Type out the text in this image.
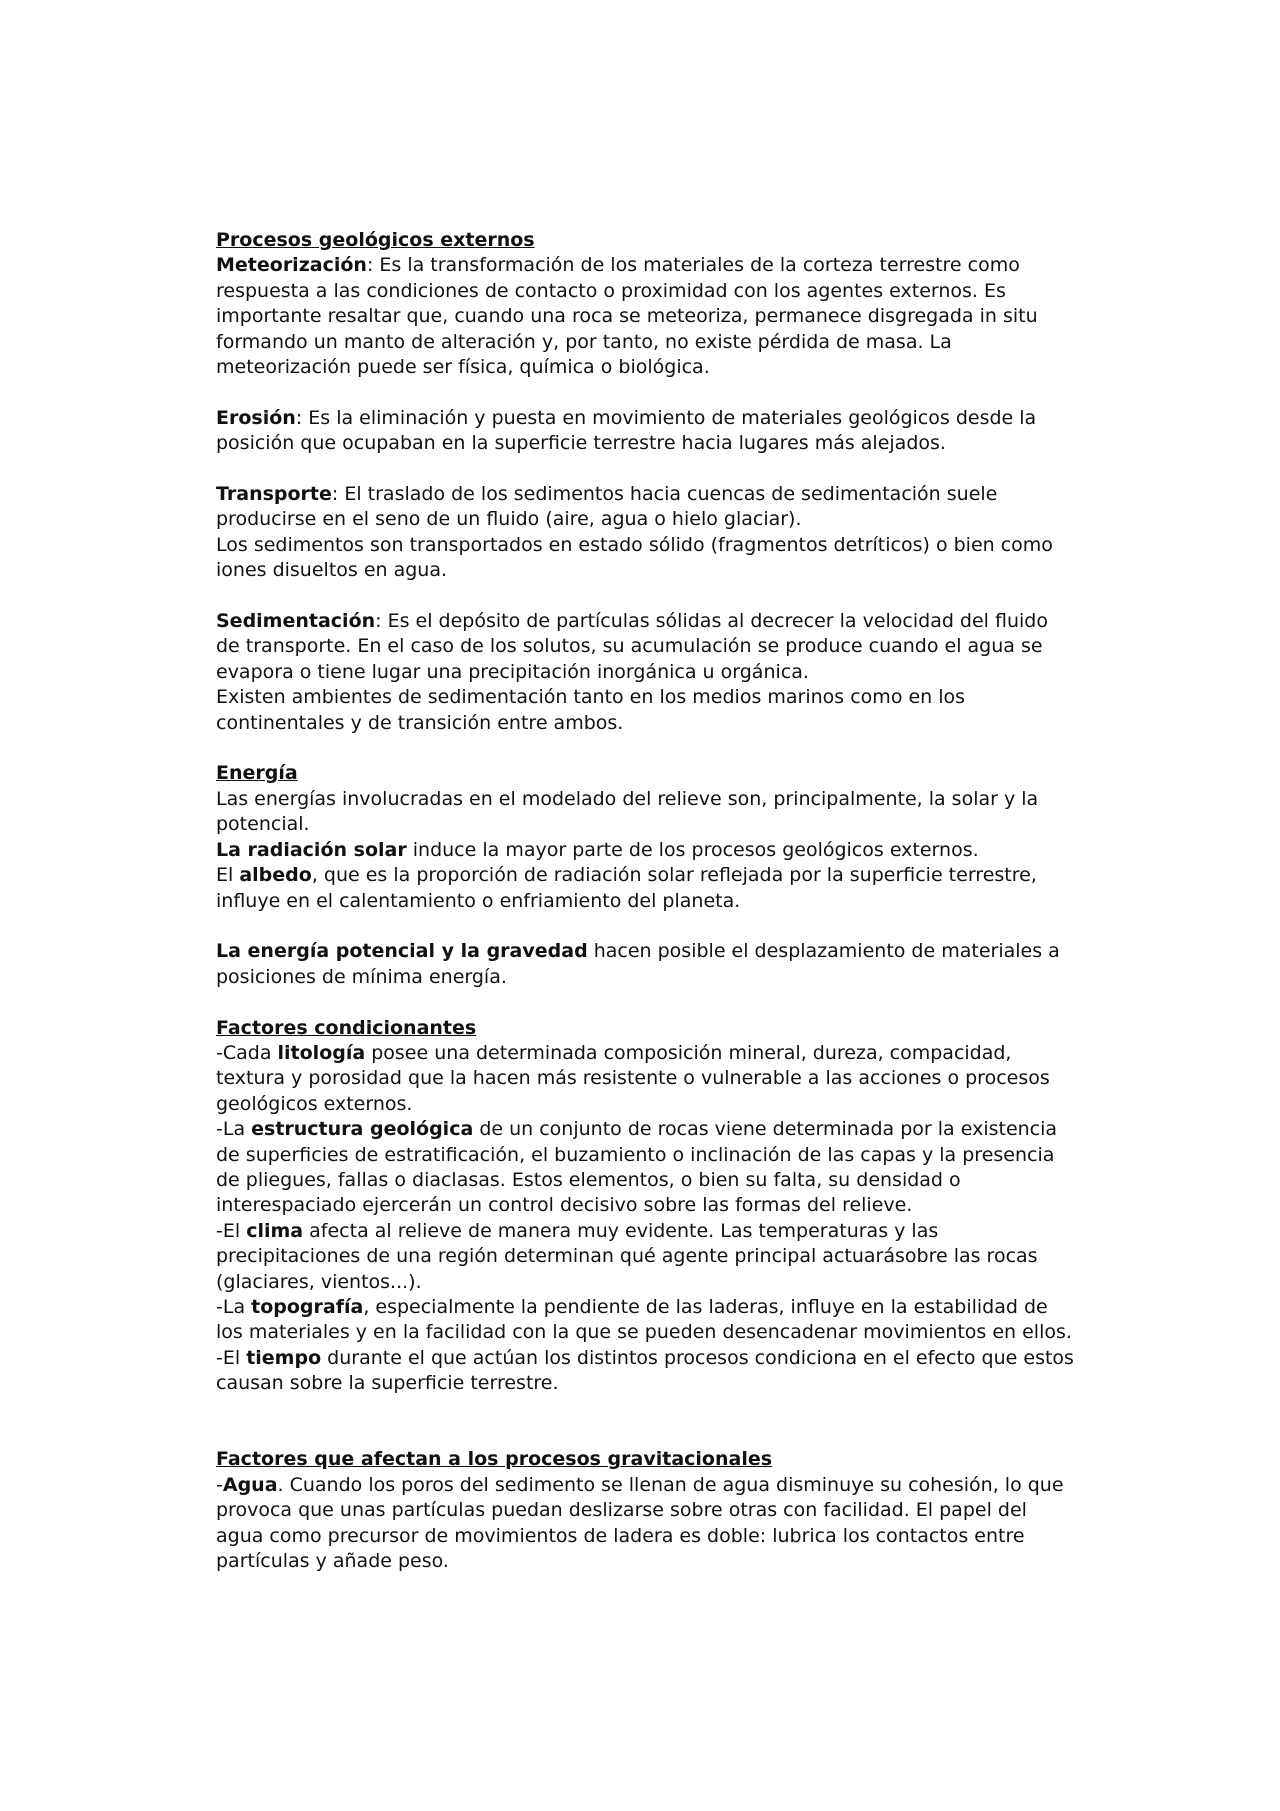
Procesos geológicos externos

Meteorización: Es la transformación de los materiales de la corteza terrestre como respuesta a las condiciones de contacto o proximidad con los agentes externos. Es importante resaltar que, cuando una roca se meteoriza, permanece disgregada in situ formando un manto de alteración y, por tanto, no existe pérdida de masa. La meteorización puede ser física, química o biológica.

Erosión: Es la eliminación y puesta en movimiento de materiales geológicos desde la posición que ocupaban en la superficie terrestre hacia lugares más alejados.

Transporte: El traslado de los sedimentos hacia cuencas de sedimentación suele producirse en el seno de un fluido (aire, agua o hielo glaciar).

Los sedimentos son transportados en estado sólido (fragmentos detríticos) o bien como iones disueltos en agua.

Sedimentación: Es el depósito de partículas sólidas al decrecer la velocidad del fluido de transporte. En el caso de los solutos, su acumulación se produce cuando el agua se evapora o tiene lugar una precipitación inorgánica u orgánica.

Existen ambientes de sedimentación tanto en los medios marinos como en los continentales y de transición entre ambos.

Energía

Las energías involucradas en el modelado del relieve son, principalmente, la solar y la potencial.

La radiación solar induce la mayor parte de los procesos geológicos externos.

El albedo, que es la proporción de radiación solar reflejada por la superficie terrestre, influye en el calentamiento o enfriamiento del planeta.

La energía potencial y la gravedad hacen posible el desplazamiento de materiales a posiciones de mínima energía.

Factores condicionantes

-Cada litología posee una determinada composición mineral, dureza, compacidad, textura y porosidad que la hacen más resistente o vulnerable a las acciones o procesos geológicos externos.

-La estructura geológica de un conjunto de rocas viene determinada por la existencia de superficies de estratificación, el buzamiento o inclinación de las capas y la presencia de pliegues, fallas o diaclasas. Estos elementos, o bien su falta, su densidad o interespaciado ejercerán un control decisivo sobre las formas del relieve.

-El clima afecta al relieve de manera muy evidente. Las temperaturas y las precipitaciones de una región determinan qué agente principal actuarásobre las rocas (glaciares, vientos...).

-La topografía, especialmente la pendiente de las laderas, influye en la estabilidad de los materiales y en la facilidad con la que se pueden desencadenar movimientos en ellos.

-El tiempo durante el que actúan los distintos procesos condiciona en el efecto que estos causan sobre la superficie terrestre.

Factores que afectan a los procesos gravitacionales

-Agua. Cuando los poros del sedimento se llenan de agua disminuye su cohesión, lo que provoca que unas partículas puedan deslizarse sobre otras con facilidad. El papel del agua como precursor de movimientos de ladera es doble: lubrica los contactos entre partículas y añade peso.
